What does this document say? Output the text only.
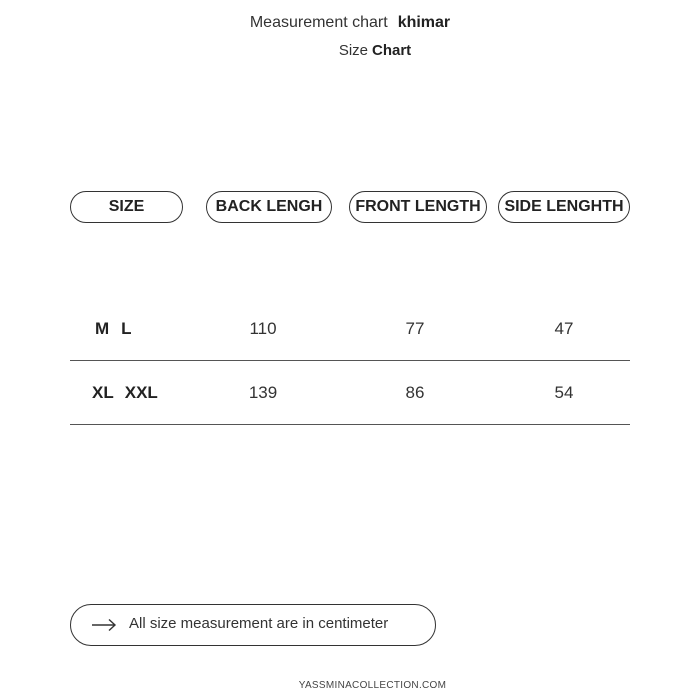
Measurement chart khimar
Size Chart
SIZE	BACK LENGH	FRONT LENGTH	SIDE LENGHTH
M L	110	77	47
XL XXL	139	86	54
All size measurement are in centimeter
YASSMINACOLLECTION.COM
